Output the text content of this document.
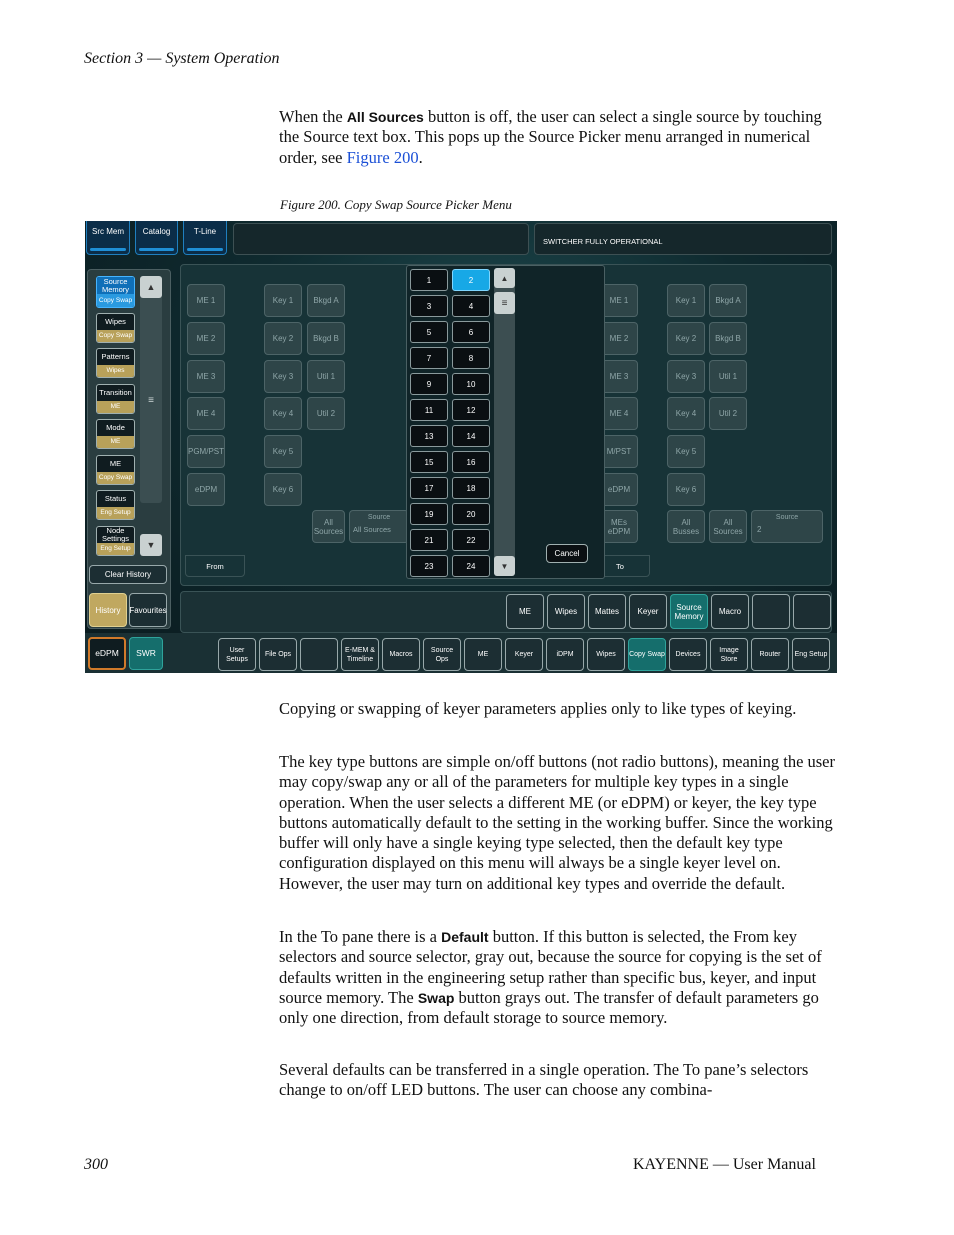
Section 3 — System Operation
When the All Sources button is off, the user can select a single source by touching the Source text box. This pops up the Source Picker menu arranged in numerical order, see Figure 200.
Figure 200. Copy Swap Source Picker Menu
Src Mem	Catalog	T-Line
SWITCHER FULLY OPERATIONAL
Source Memory
Copy Swap
Wipes
Copy Swap
Patterns
Wipes
Transition
ME
Mode
ME
ME
Copy Swap
Status
Eng Setup
Node Settings
Eng Setup
▲
≡
▼
Clear History
History	Favourites
ME 1
ME 2
ME 3
ME 4
PGM/PST
eDPM
Key 1
Key 2
Key 3
Key 4
Key 5
Key 6
Bkgd A
Bkgd B
Util 1
Util 2
All Sources
Source
All Sources
From
ME 1
ME 2
ME 3
ME 4
M/PST
eDPM
MEs eDPM
Key 1
Key 2
Key 3
Key 4
Key 5
Key 6
All Busses
Bkgd A
Bkgd B
Util 1
Util 2
All Sources
Source
2
To
▲
≡
▼
Cancel
ME	Wipes	Mattes	Keyer	Source Memory	Macro
eDPM	SWR
1	2
3	4
5	6
7	8
9	10
11	12
13	14
15	16
17	18
19	20
21	22
23	24
User Setups
File Ops
E-MEM & Timeline
Macros
Source Ops
ME	Keyer	iDPM	Wipes	Copy Swap	Devices
Image Store
Router	Eng Setup
Copying or swapping of keyer parameters applies only to like types of keying.
The key type buttons are simple on/off buttons (not radio buttons), meaning the user may copy/swap any or all of the parameters for multiple key types in a single operation. When the user selects a different ME (or eDPM) or keyer, the key type buttons automatically default to the setting in the working buffer. Since the working buffer will only have a single keying type selected, then the default key type configuration displayed on this menu will always be a single keyer level on. However, the user may turn on additional key types and override the default.
In the To pane there is a Default button. If this button is selected, the From key selectors and source selector, gray out, because the source for copying is the set of defaults written in the engineering setup rather than specific bus, keyer, and input source memory. The Swap button grays out. The transfer of default parameters go only one direction, from default storage to source memory.
Several defaults can be transferred in a single operation. The To pane’s selectors change to on/off LED buttons. The user can choose any combina-
300	KAYENNE — User Manual
